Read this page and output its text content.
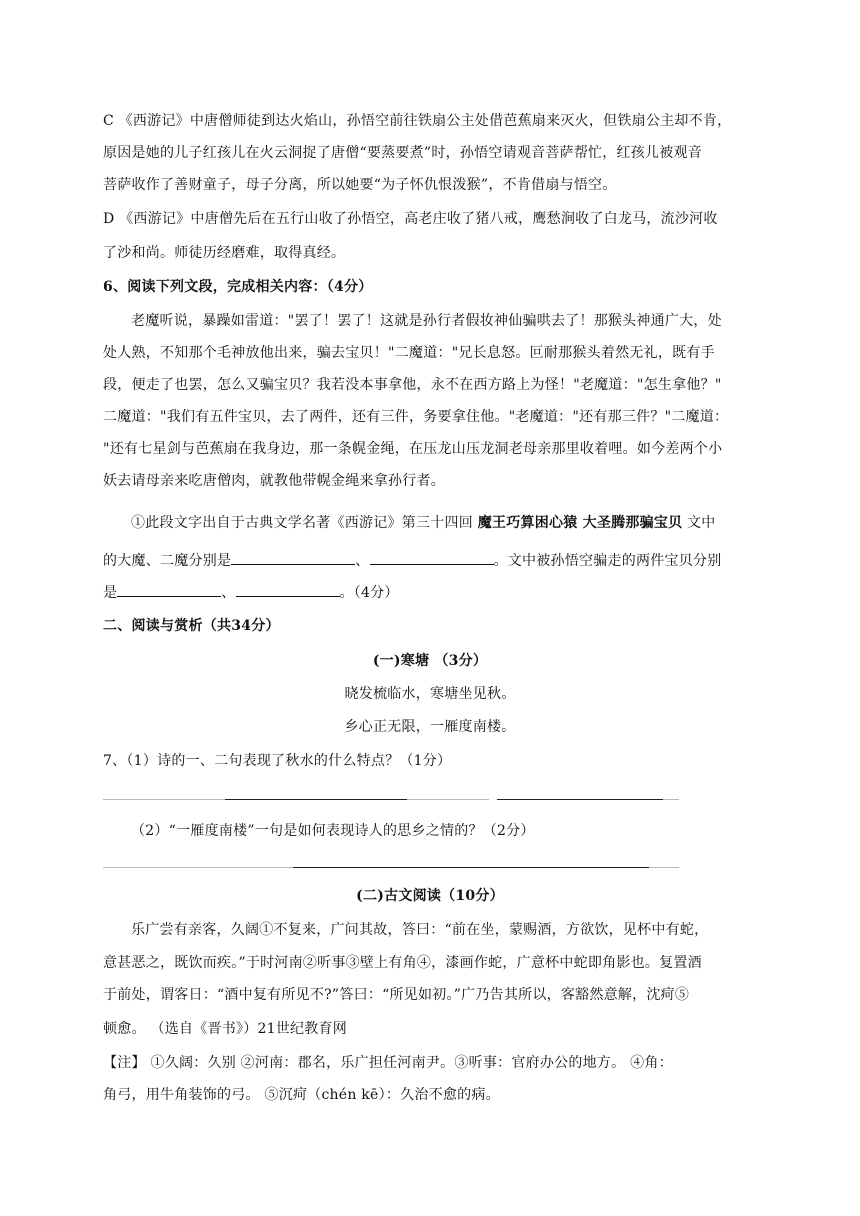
C 《西游记》中唐僧师徒到达火焰山，孙悟空前往铁扇公主处借芭蕉扇来灭火，但铁扇公主却不肯，
原因是她的儿子红孩儿在火云洞捉了唐僧“要蒸要煮”时，孙悟空请观音菩萨帮忙，红孩儿被观音
菩萨收作了善财童子，母子分离，所以她要“为子怀仇恨泼猴”，不肯借扇与悟空。
D 《西游记》中唐僧先后在五行山收了孙悟空，高老庄收了猪八戒，鹰愁涧收了白龙马，流沙河收
了沙和尚。师徒历经磨难，取得真经。
6、阅读下列文段，完成相关内容：（4分）
老魔听说，暴躁如雷道："罢了！罢了！这就是孙行者假妆神仙骗哄去了！那猴头神通广大，处
处人熟，不知那个毛神放他出来，骗去宝贝！"二魔道："兄长息怒。叵耐那猴头着然无礼，既有手
段，便走了也罢，怎么又骗宝贝？我若没本事拿他，永不在西方路上为怪！"老魔道："怎生拿他？"
二魔道："我们有五件宝贝，去了两件，还有三件，务要拿住他。"老魔道："还有那三件？"二魔道：
"还有七星剑与芭蕉扇在我身边，那一条幌金绳，在压龙山压龙洞老母亲那里收着哩。如今差两个小
妖去请母亲来吃唐僧肉，就教他带幌金绳来拿孙行者。
①此段文字出自于古典文学名著《西游记》第三十四回 魔王巧算困心猿 大圣腾那骗宝贝 文中
的大魔、二魔分别是	、	。文中被孙悟空骗走的两件宝贝分别
是	、	。（4分）
二、阅读与赏析（共34分）
(一)寒塘 （3分）
晓发梳临水，寒塘坐见秋。
乡心正无限，一雁度南楼。
7、（1）诗的一、二句表现了秋水的什么特点？（1分）
（2）“一雁度南楼”一句是如何表现诗人的思乡之情的？（2分）
(二)古文阅读（10分）
乐广尝有亲客，久阔①不复来，广问其故，答曰：“前在坐，蒙赐酒，方欲饮，见杯中有蛇，
意甚恶之，既饮而疾。”于时河南②听事③壁上有角④，漆画作蛇，广意杯中蛇即角影也。复置酒
于前处，谓客日：“酒中复有所见不?”答曰：“所见如初。”广乃告其所以，客豁然意解，沈疴⑤
顿愈。 （选自《晋书》）21世纪教育网
【注】 ①久阔：久别 ②河南：郡名，乐广担任河南尹。③听事：官府办公的地方。 ④角：
角弓，用牛角装饰的弓。 ⑤沉疴（chén kē）：久治不愈的病。
